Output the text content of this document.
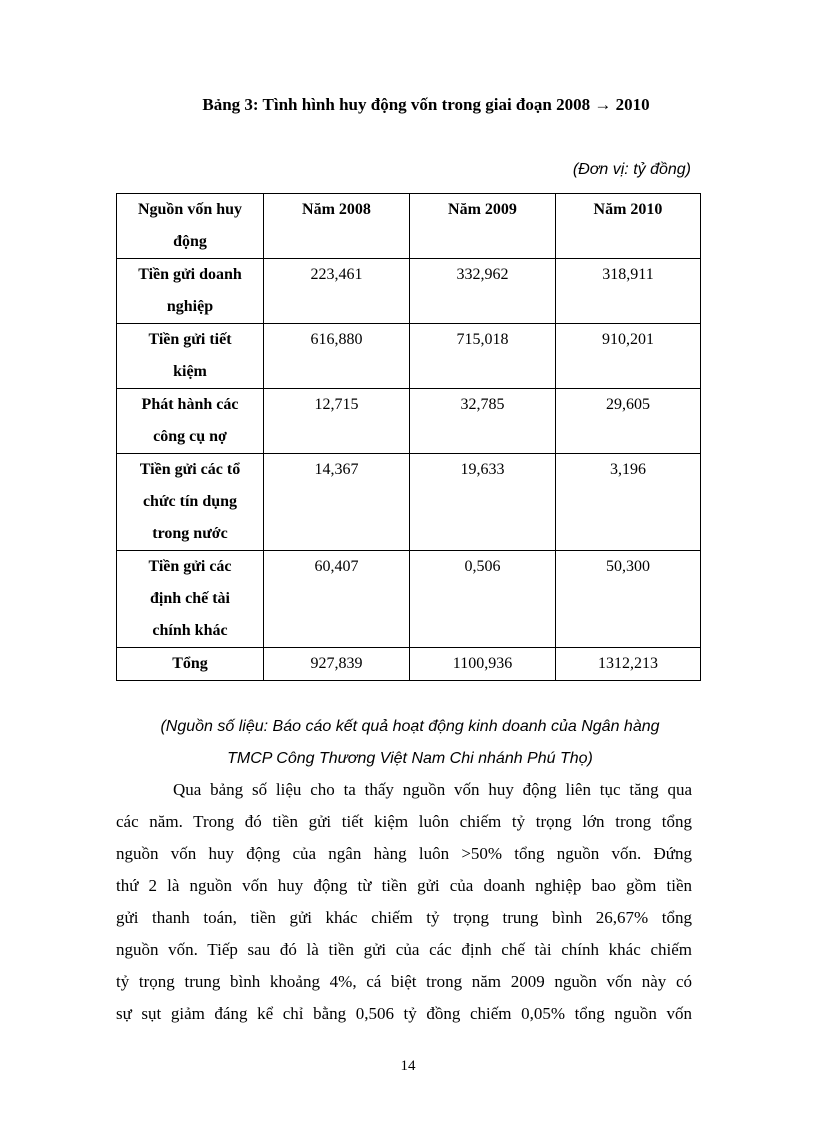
Bảng 3: Tình hình huy động vốn trong giai đoạn 2008 → 2010
(Đơn vị: tỷ đồng)
Nguồn vốn huy động	Năm 2008	Năm 2009	Năm 2010

Tiền gửi doanh
nghiệp	223,461	332,962	318,911

Tiền gửi tiết
kiệm	616,880	715,018	910,201

Phát hành các
công cụ nợ	12,715	32,785	29,605

Tiền gửi các tổ
chức tín dụng
trong nước	14,367	19,633	3,196

Tiền gửi các
định chế tài
chính khác	60,407	0,506	50,300

Tổng	927,839	1100,936	1312,213
(Nguồn số liệu: Báo cáo kết quả hoạt động kinh doanh của Ngân hàng
TMCP Công Thương Việt Nam Chi nhánh Phú Thọ)
Qua bảng số liệu cho ta thấy nguồn vốn huy động liên tục tăng qua
các năm. Trong đó tiền gửi tiết kiệm luôn chiếm tỷ trọng lớn trong tổng
nguồn vốn huy động của ngân hàng luôn >50% tổng nguồn vốn. Đứng
thứ 2 là nguồn vốn huy động từ tiền gửi của doanh nghiệp bao gồm tiền
gửi thanh toán, tiền gửi khác chiếm tỷ trọng trung bình 26,67% tổng
nguồn vốn. Tiếp sau đó là tiền gửi của các định chế tài chính khác chiếm
tỷ trọng trung bình khoảng 4%, cá biệt trong năm 2009 nguồn vốn này có
sự sụt giảm đáng kể chỉ bằng 0,506 tỷ đồng chiếm 0,05% tổng nguồn vốn
14
